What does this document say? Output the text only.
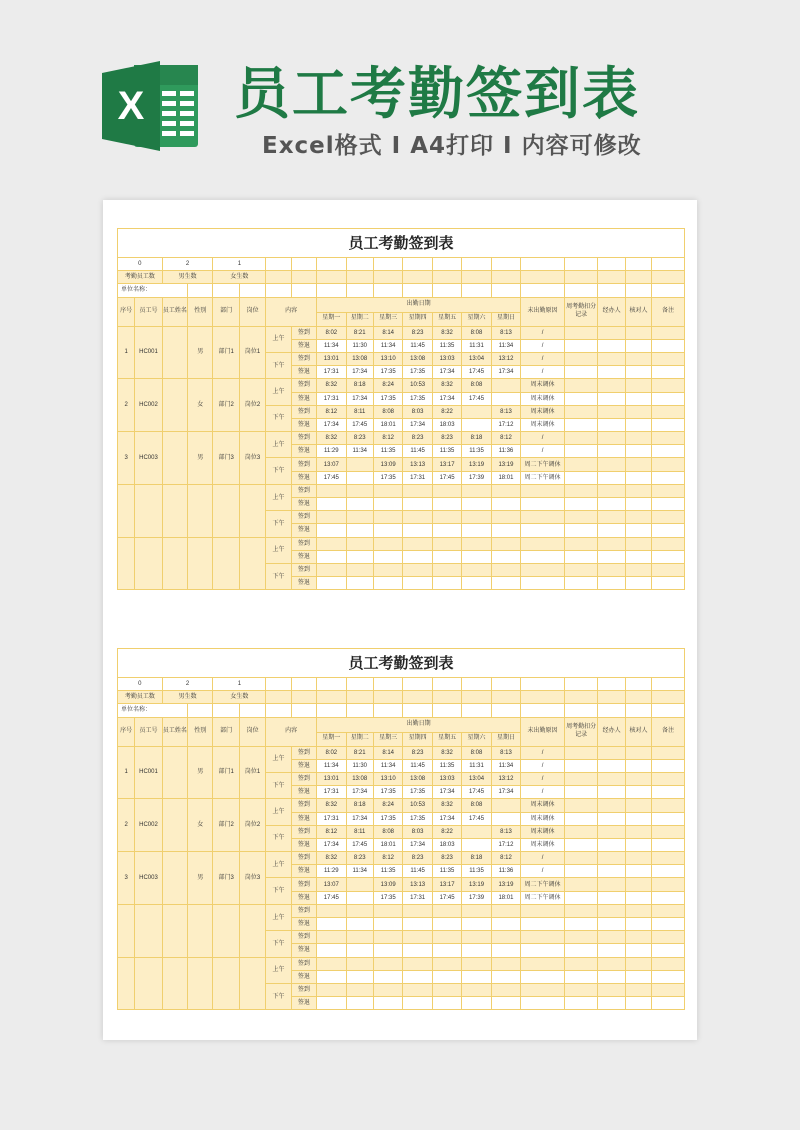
X 员工考勤签到表
Excel格式 I A4打印 I 内容可修改
员工考勤签到表																			
0		2		1															
考勤员工数		男生数		女生数															
单位名称：																			
序号	员工号	员工姓名	性别	部门	岗位	内容		出勤日期							未出勤原因	周考勤扣分记录	经办人	核对人	备注
								星期一	星期二	星期三	星期四	星期五	星期六	星期日					
1	HC001		男	部门1	岗位1	上午	签到	8:02	8:21	8:14	8:23	8:32	8:08	8:13	/				
							签退	11:34	11:30	11:34	11:45	11:35	11:31	11:34	/				
						下午	签到	13:01	13:08	13:10	13:08	13:03	13:04	13:12	/				
							签退	17:31	17:34	17:35	17:35	17:34	17:45	17:34	/				
2	HC002		女	部门2	岗位2	上午	签到	8:32	8:18	8:24	10:53	8:32	8:08		周末调休				
							签退	17:31	17:34	17:35	17:35	17:34	17:45		周末调休				
						下午	签到	8:12	8:11	8:08	8:03	8:22		8:13	周末调休				
							签退	17:34	17:45	18:01	17:34	18:03		17:12	周末调休				
3	HC003		男	部门3	岗位3	上午	签到	8:32	8:23	8:12	8:23	8:23	8:18	8:12	/				
							签退	11:29	11:34	11:35	11:45	11:35	11:35	11:36	/				
						下午	签到	13:07		13:09	13:13	13:17	13:19	13:19	周二下午调休				
							签退	17:45		17:35	17:31	17:45	17:39	18:01	周二下午调休				
						上午	签到												
							签退												
						下午	签到												
							签退												
						上午	签到												
							签退												
						下午	签到												
							签退												
员工考勤签到表																			
0		2		1															
考勤员工数		男生数		女生数															
单位名称：																			
序号	员工号	员工姓名	性别	部门	岗位	内容		出勤日期							未出勤原因	周考勤扣分记录	经办人	核对人	备注
								星期一	星期二	星期三	星期四	星期五	星期六	星期日					
1	HC001		男	部门1	岗位1	上午	签到	8:02	8:21	8:14	8:23	8:32	8:08	8:13	/				
							签退	11:34	11:30	11:34	11:45	11:35	11:31	11:34	/				
						下午	签到	13:01	13:08	13:10	13:08	13:03	13:04	13:12	/				
							签退	17:31	17:34	17:35	17:35	17:34	17:45	17:34	/				
2	HC002		女	部门2	岗位2	上午	签到	8:32	8:18	8:24	10:53	8:32	8:08		周末调休				
							签退	17:31	17:34	17:35	17:35	17:34	17:45		周末调休				
						下午	签到	8:12	8:11	8:08	8:03	8:22		8:13	周末调休				
							签退	17:34	17:45	18:01	17:34	18:03		17:12	周末调休				
3	HC003		男	部门3	岗位3	上午	签到	8:32	8:23	8:12	8:23	8:23	8:18	8:12	/				
							签退	11:29	11:34	11:35	11:45	11:35	11:35	11:36	/				
						下午	签到	13:07		13:09	13:13	13:17	13:19	13:19	周二下午调休				
							签退	17:45		17:35	17:31	17:45	17:39	18:01	周二下午调休				
						上午	签到												
							签退												
						下午	签到												
							签退												
						上午	签到												
							签退												
						下午	签到												
							签退												
